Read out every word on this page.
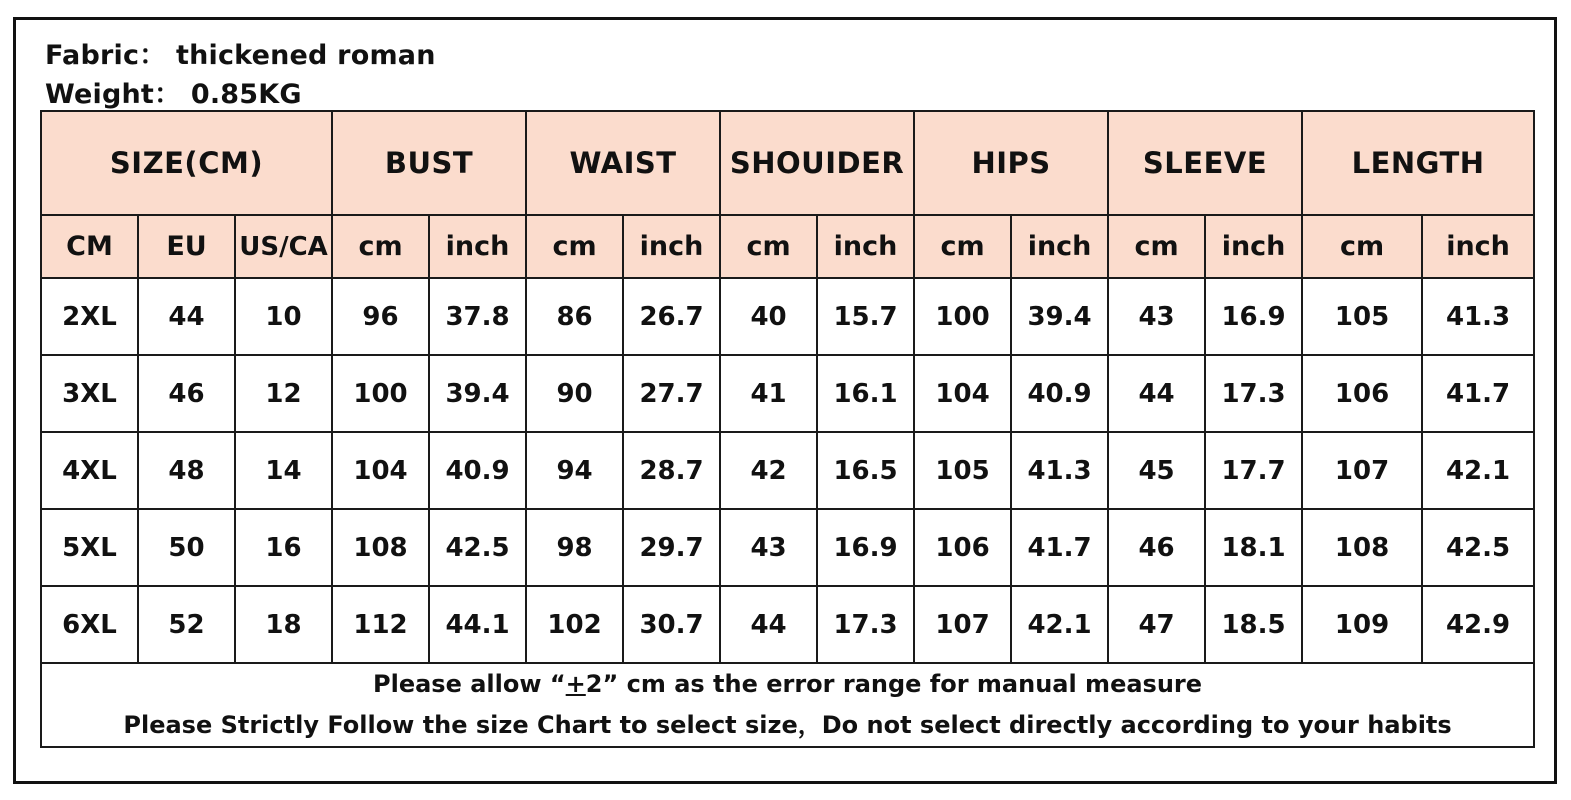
Fabric： thickened roman
Weight： 0.85KG
SIZE(CM)			BUST		WAIST		SHOUIDER		HIPS		SLEEVE		LENGTH	
CM	EU	US/CA	cm	inch	cm	inch	cm	inch	cm	inch	cm	inch	cm	inch
2XL	44	10	96	37.8	86	26.7	40	15.7	100	39.4	43	16.9	105	41.3
3XL	46	12	100	39.4	90	27.7	41	16.1	104	40.9	44	17.3	106	41.7
4XL	48	14	104	40.9	94	28.7	42	16.5	105	41.3	45	17.7	107	42.1
5XL	50	16	108	42.5	98	29.7	43	16.9	106	41.7	46	18.1	108	42.5
6XL	52	18	112	44.1	102	30.7	44	17.3	107	42.1	47	18.5	109	42.9

Please allow “+2” cm as the error range for manual measure
Please Strictly Follow the size Chart to select size，Do not select directly according to your habits														
